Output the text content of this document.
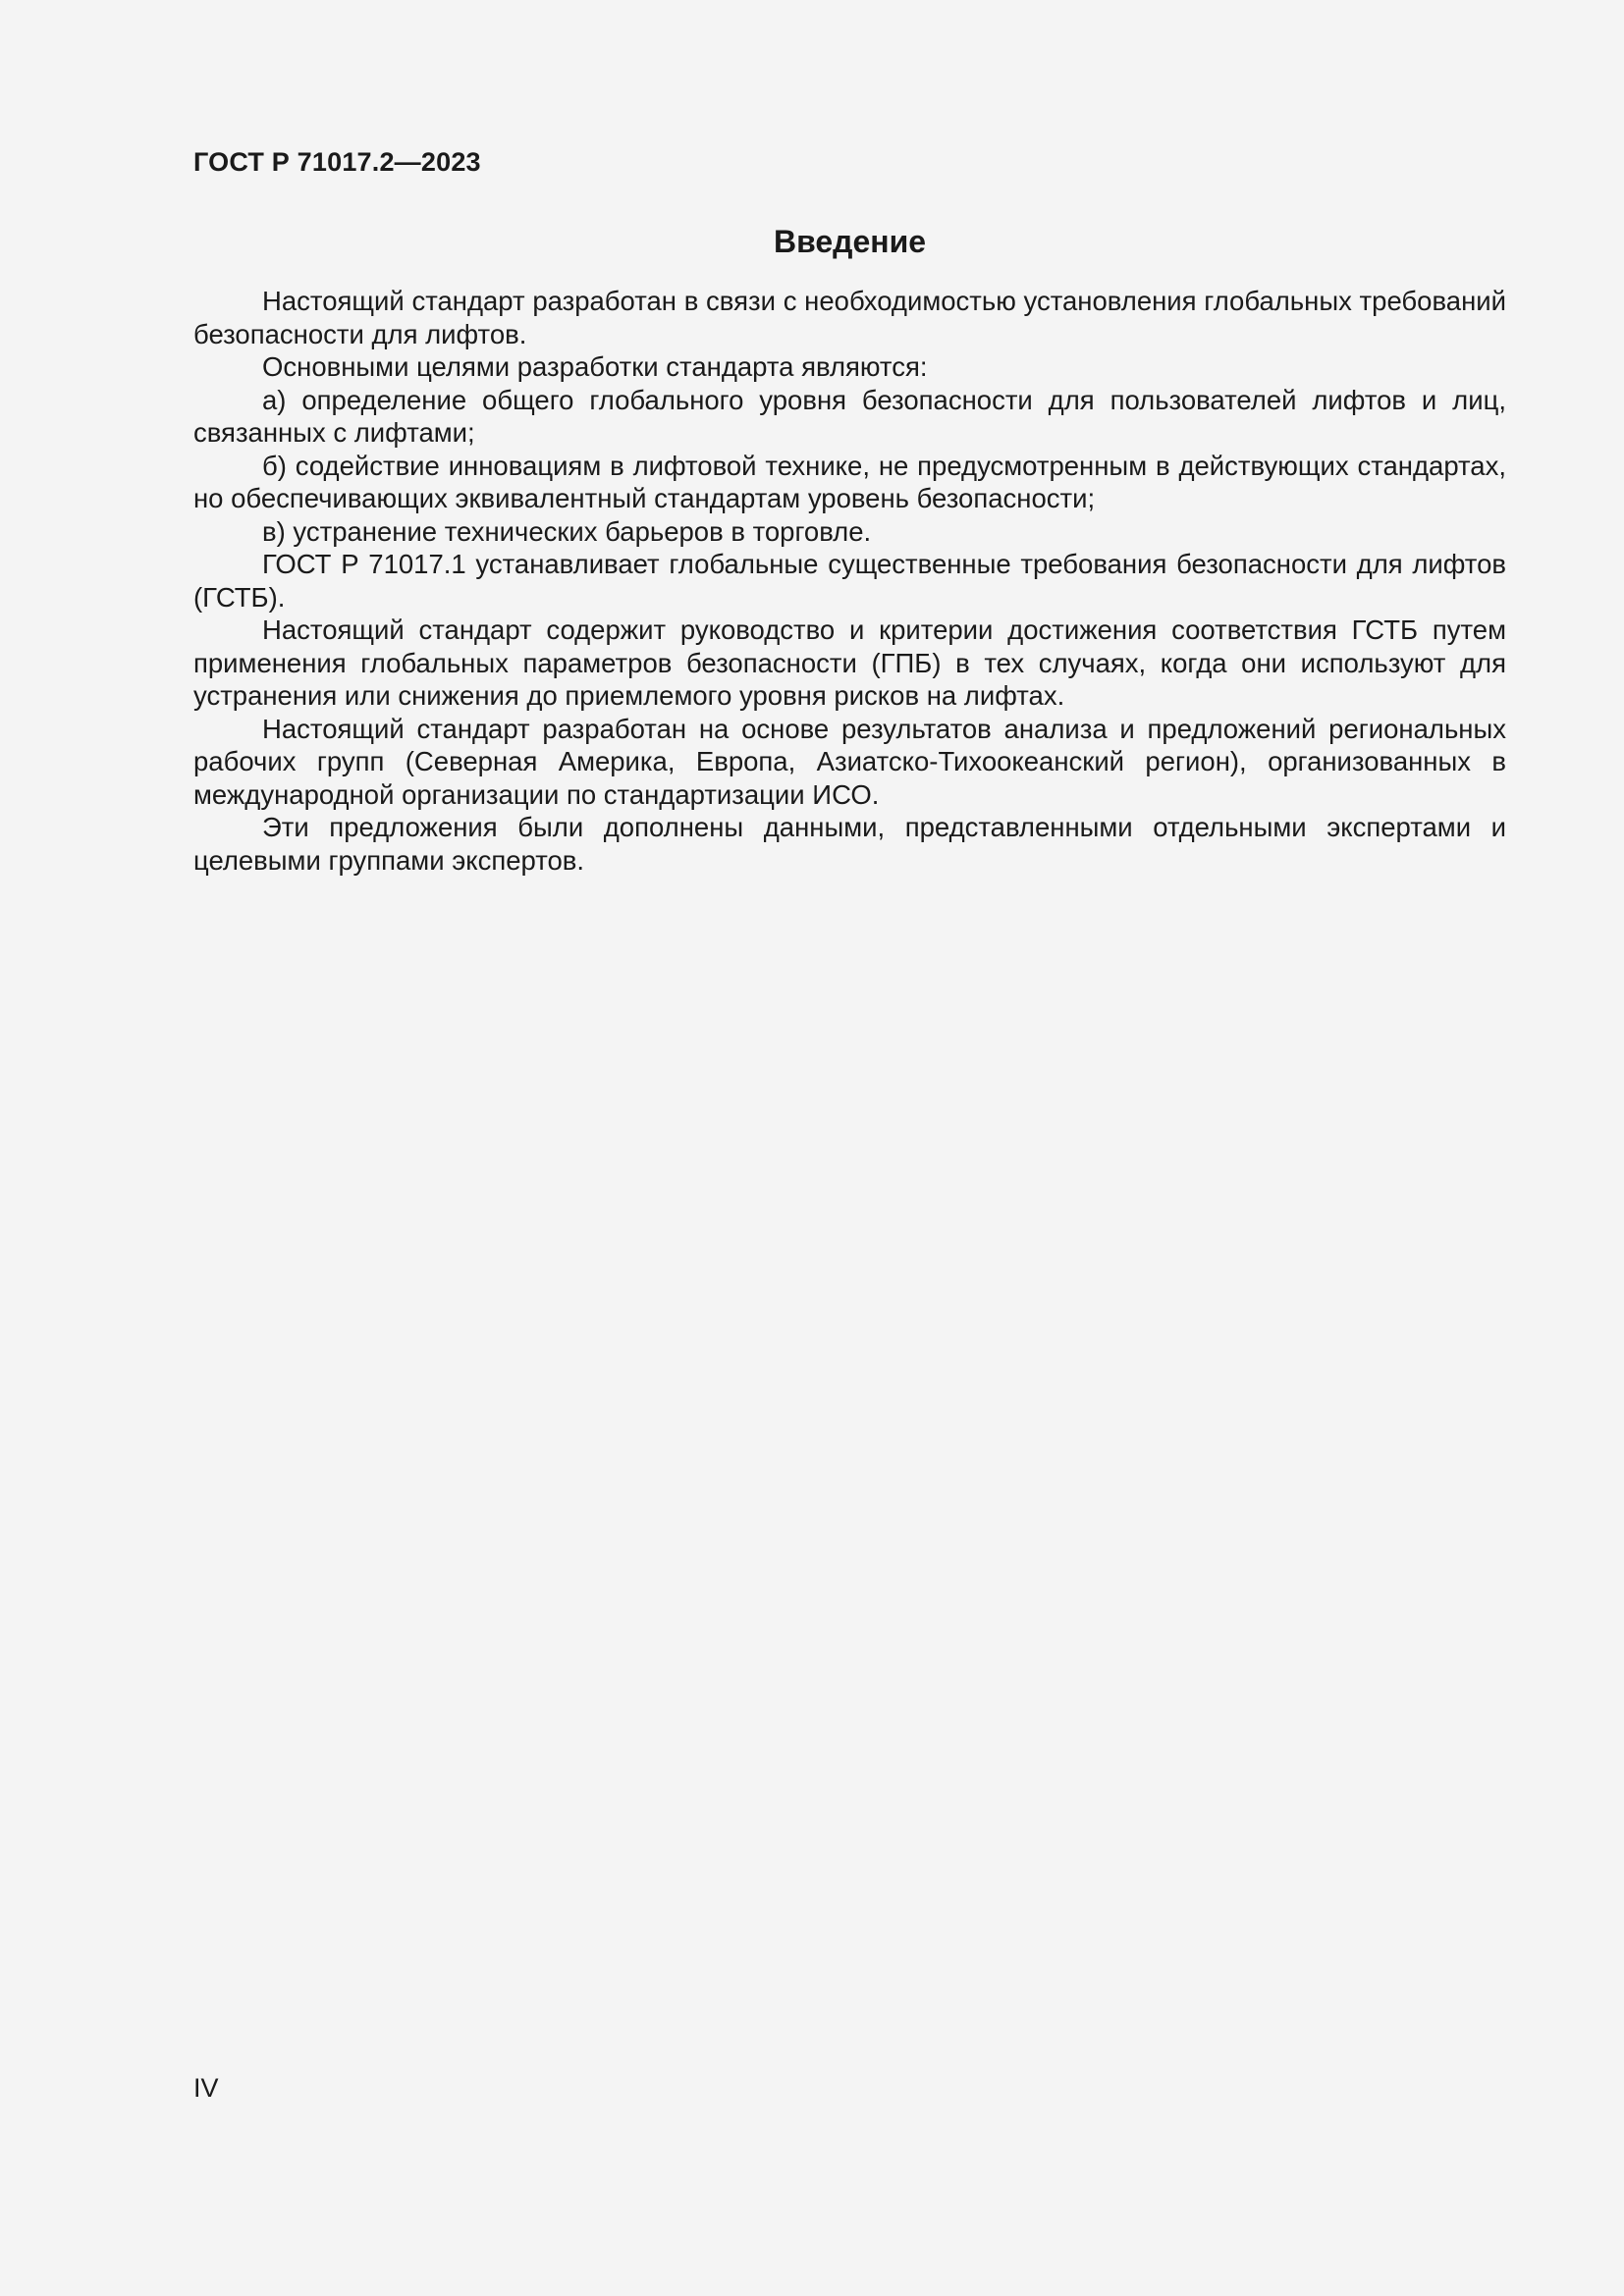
ГОСТ Р 71017.2—2023
Введение

Настоящий стандарт разработан в связи с необходимостью установления глобальных требований безопасности для лифтов.

Основными целями разработки стандарта являются:

а) определение общего глобального уровня безопасности для пользователей лифтов и лиц, связанных с лифтами;

б) содействие инновациям в лифтовой технике, не предусмотренным в действующих стандартах, но обеспечивающих эквивалентный стандартам уровень безопасности;

в) устранение технических барьеров в торговле.

ГОСТ Р 71017.1 устанавливает глобальные существенные требования безопасности для лифтов (ГСТБ).

Настоящий стандарт содержит руководство и критерии достижения соответствия ГСТБ путем применения глобальных параметров безопасности (ГПБ) в тех случаях, когда они используют для устранения или снижения до приемлемого уровня рисков на лифтах.

Настоящий стандарт разработан на основе результатов анализа и предложений региональных рабочих групп (Северная Америка, Европа, Азиатско-Тихоокеанский регион), организованных в международной организации по стандартизации ИСО.

Эти предложения были дополнены данными, представленными отдельными экспертами и целевыми группами экспертов.

IV
